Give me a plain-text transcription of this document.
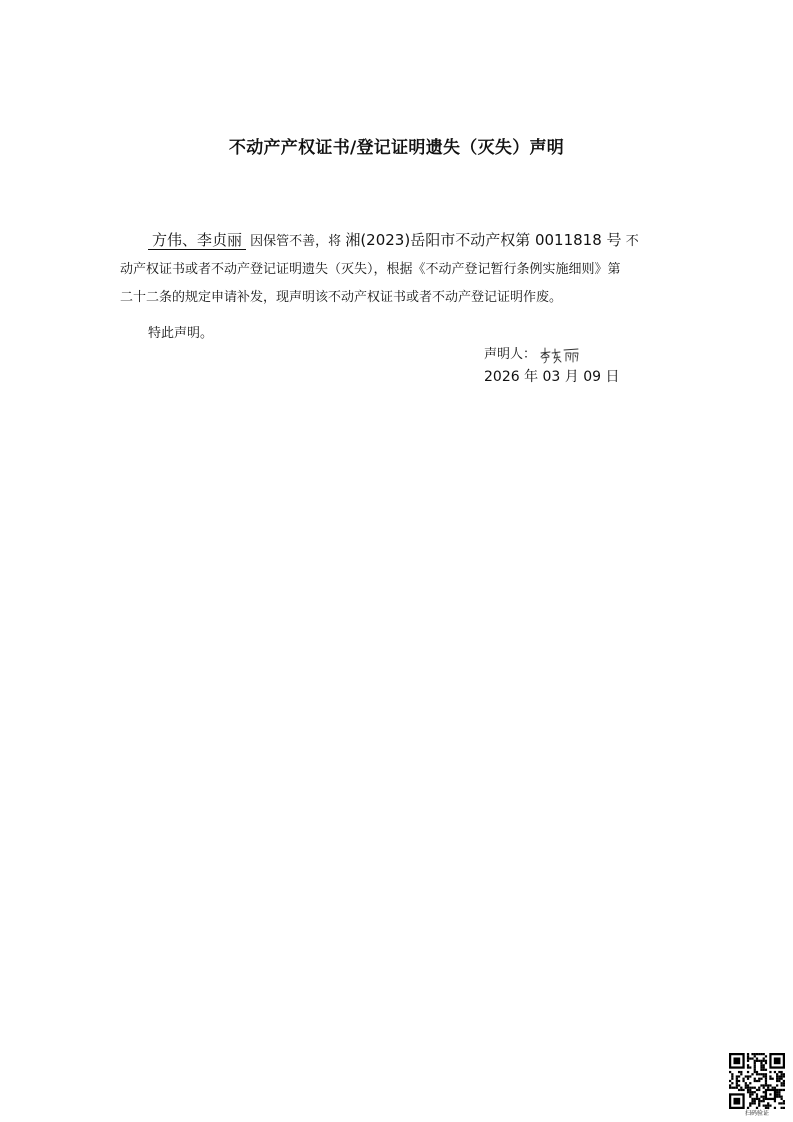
不动产产权证书/登记证明遗失（灭失）声明
方伟、李贞丽 因保管不善，将 湘(2023)岳阳市不动产权第 0011818 号 不
动产权证书或者不动产登记证明遗失（灭失），根据《不动产登记暂行条例实施细则》第
二十二条的规定申请补发，现声明该不动产权证书或者不动产登记证明作废。
特此声明。
声明人：
2026 年 03 月 09 日
扫码验证
